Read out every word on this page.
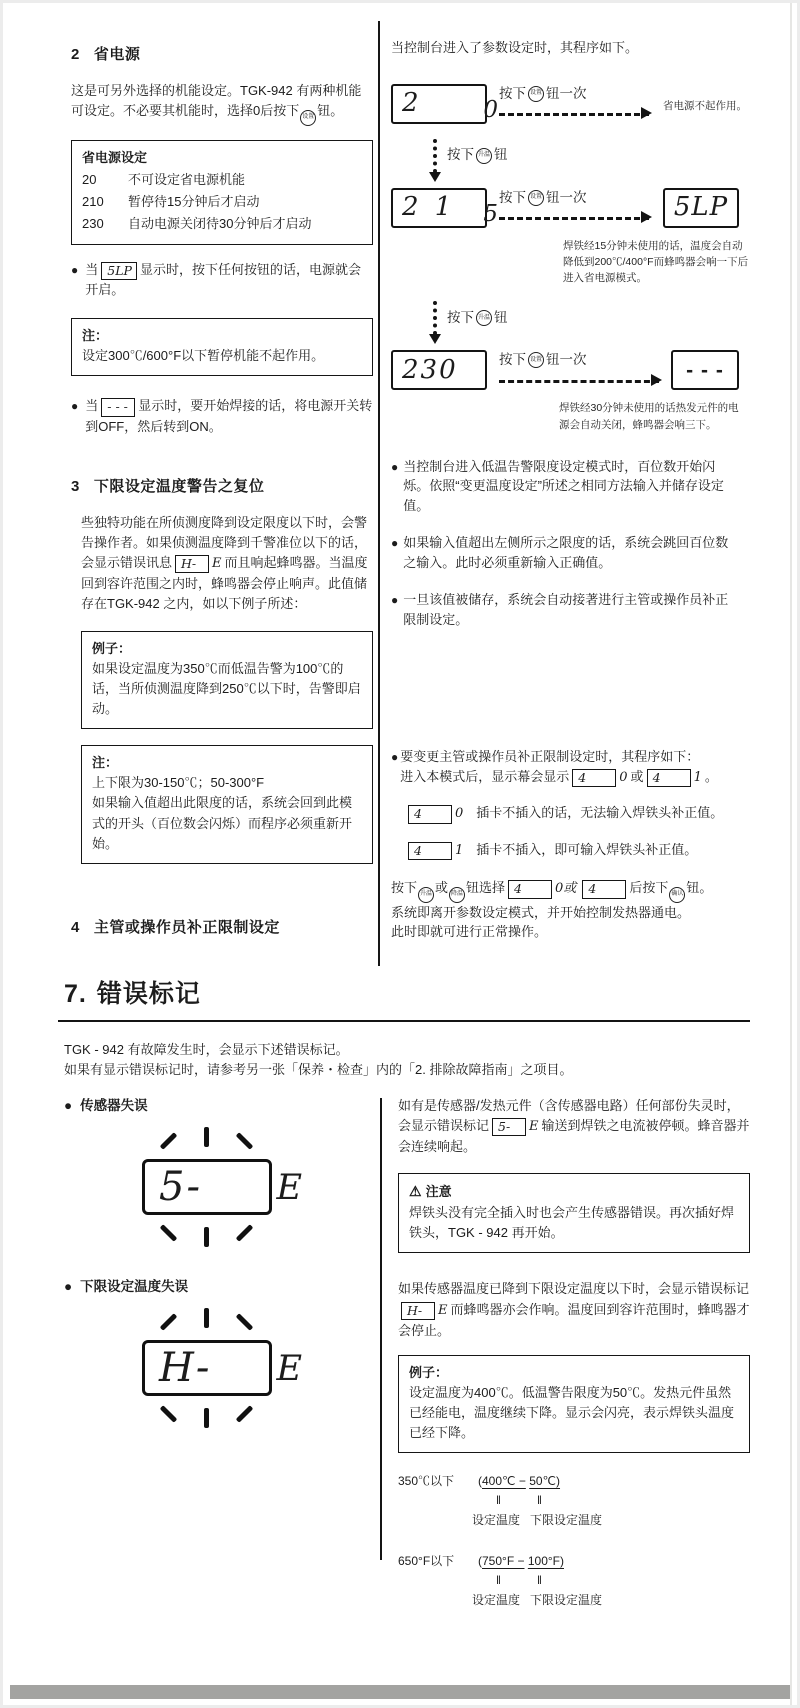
2 省电源

这是可另外选择的机能设定。TGK-942 有两种机能可设定。不必要其机能时，选择0后按下 设置 钮。

省电源设定
20	不可设定省电源机能
210	暂停待15分钟后才启动
230	自动电源关闭待30分钟后才启动
● 当 5LP 显示时，按下任何按钮的话，电源就会开启。

注：
设定300℃/600°F以下暂停机能不起作用。
● 当 - - - 显示时，要开始焊接的话，将电源开关转到OFF，然后转到ON。

3 下限设定温度警告之复位

些独特功能在所侦测度降到设定限度以下时，会警告操作者。如果侦测温度降到千警准位以下的话，会显示错误讯息 H- E 而且响起蜂鸣器。当温度回到容许范围之内时，蜂鸣器会停止响声。此值储存在TGK-942 之内，如以下例子所述：

例子：
如果设定温度为350℃而低温告警为100℃的话，当所侦测温度降到250℃以下时，告警即启动。
注：
上下限为30-150℃；50-300°F
如果输入值超出此限度的话，系统会回到此模式的开头（百位数会闪烁）而程序必须重新开始。
4 主管或操作员补正限制设定

当控制台进入了参数设定时，其程序如下。

2	0
按下 设置 钮一次
省电源不起作用。
按下 升温 钮
2 1	5
按下 设置 钮一次	5LP
焊铁经15分钟未使用的话，温度会自动降低到200℃/400°F而蜂鸣器会响一下后进入省电源模式。
按下 升温 钮
230	按下 设置 钮一次	- - -
焊铁经30分钟未使用的话热发元件的电源会自动关闭，蜂鸣器会响三下。
● 当控制台进入低温告警限度设定模式时，百位数开始闪烁。依照“变更温度设定”所述之相同方法输入并储存设定值。

● 如果输入值超出左侧所示之限度的话，系统会跳回百位数之输入。此时必须重新输入正确值。

● 一旦该值被储存，系统会自动接著进行主管或操作员补正限制设定。

● 要变更主管或操作员补正限制设定时，其程序如下：
进入本模式后，显示幕会显示 4	0 或 4	1 。

4	0 插卡不插入的话，无法输入焊铁头补正值。
4	1 插卡不插入，即可输入焊铁头补正值。

按下 升温 或 降温 钮选择 4	0或 4	后按下 确认 钮。
系统即离开参数设定模式，并开始控制发热器通电。
此时即就可进行正常操作。

7. 错误标记
TGK - 942 有故障发生时，会显示下述错误标记。
如果有显示错误标记时，请参考另一张「保养・检查」内的「2. 排除故障指南」之项目。
● 传感器失误
5-	E
● 下限设定温度失误
H-	E

如有是传感器/发热元件（含传感器电路）任何部份失灵时，会显示错误标记 5- E 输送到焊铁之电流被停顿。蜂音器并会连续响起。

⚠ 注意
焊铁头没有完全插入时也会产生传感器错误。再次插好焊铁头，TGK - 942 再开始。

如果传感器温度已降到下限设定温度以下时，会显示错误标记H- E 而蜂鸣器亦会作响。温度回到容许范围时，蜂鸣器才会停止。

例子：
设定温度为400℃。低温警告限度为50℃。发热元件虽然已经能电，温度继续下降。显示会闪亮，表示焊铁头温度已经下降。
350℃以下	(400℃ − 50℃)
‖	‖
设定温度 下限设定温度
650°F以下	(750°F − 100°F)
‖	‖
设定温度 下限设定温度
